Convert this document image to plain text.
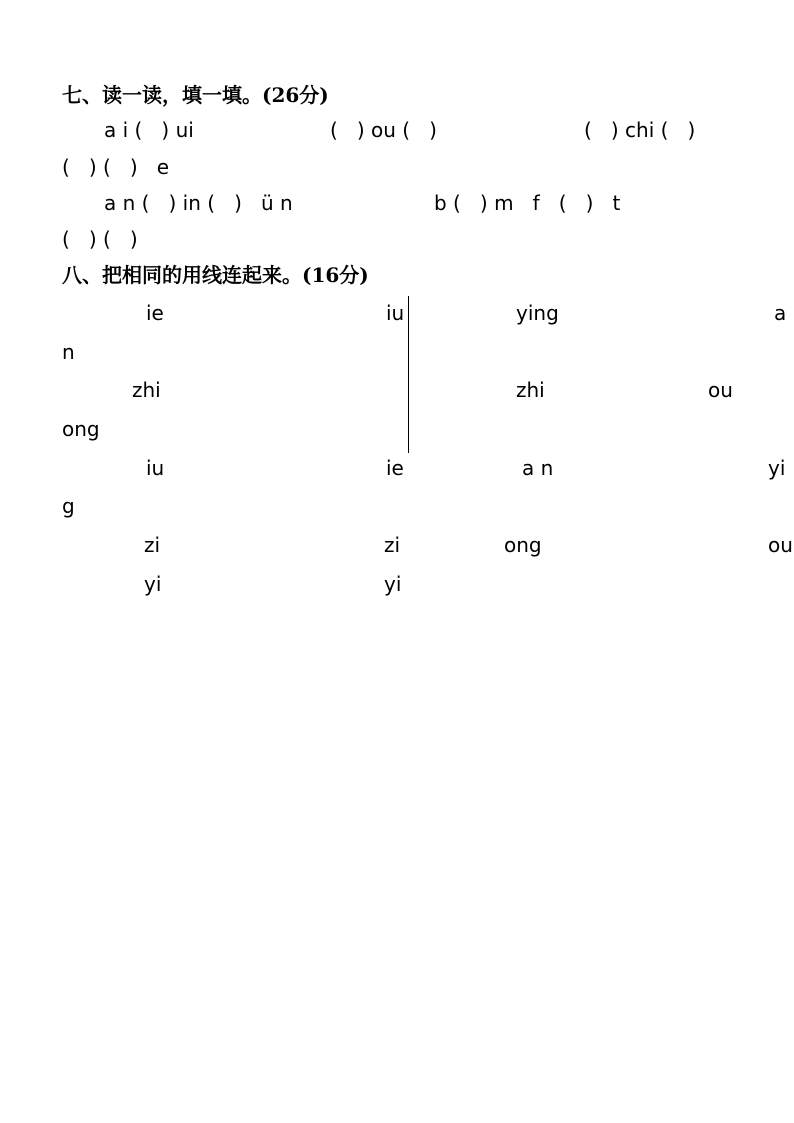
七、读一读，填一填。(26分)
a i (   ) ui	(   ) ou (   )	(   ) chi (   )
(   ) (   )   e
a n (   ) in (   )   ü n	b (   ) m   f   (   )   t
(   ) (   )
八、把相同的用线连起来。(16分)
ie	iu	ying	a
n
zhi	zhi	ou
ong
iu	ie	a n	yi
g
zi	zi	ong	ou
yi	yi
